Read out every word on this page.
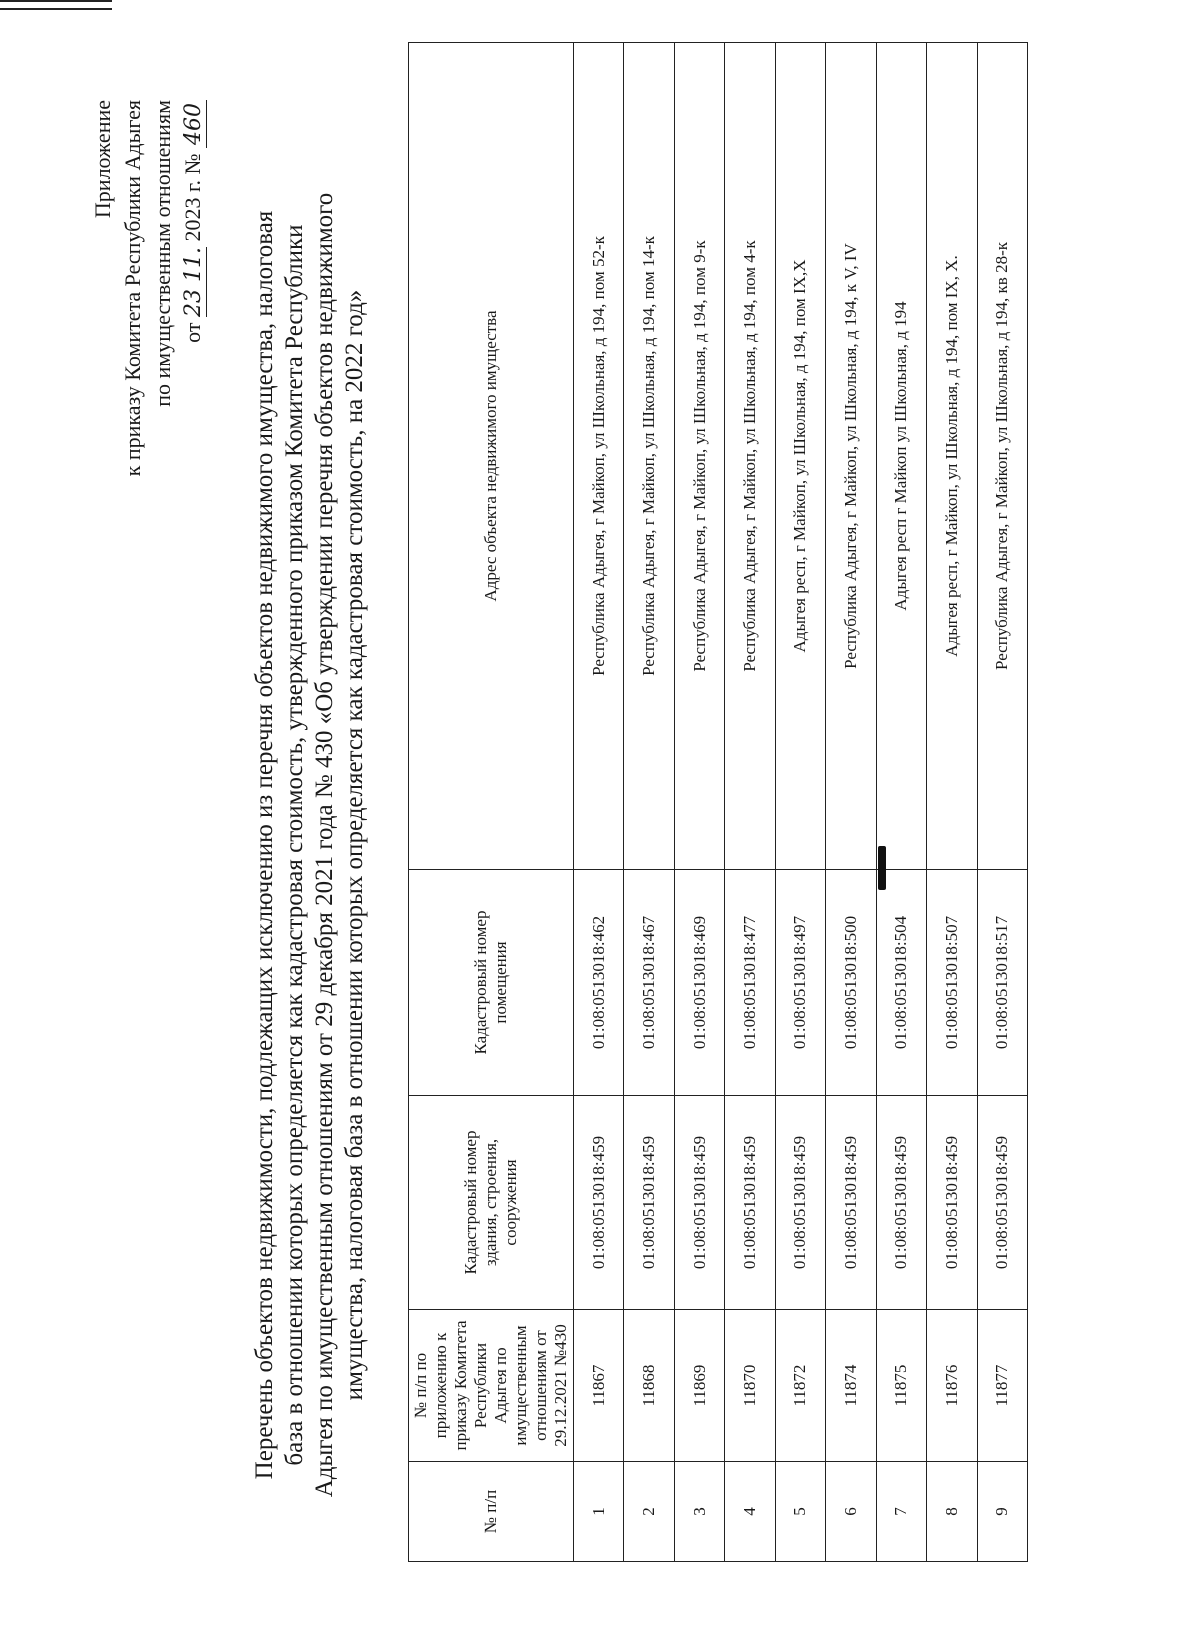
Приложение к приказу Комитета Республики Адыгея по имущественным отношениям от 23 11. 2023 г. № 460
Перечень объектов недвижимости, подлежащих исключению из перечня объектов недвижимого имущества, налоговая база в отношении которых определяется как кадастровая стоимость, утвержденного приказом Комитета Республики Адыгея по имущественным отношениям от 29 декабря 2021 года № 430 «Об утверждении перечня объектов недвижимого имущества, налоговая база в отношении которых определяется как кадастровая стоимость, на 2022 год»
№ п/п	№ п/п по приложению к приказу Комитета Республики Адыгея по имущественным отношениям от 29.12.2021 №430	Кадастровый номер здания, строения, сооружения	Кадастровый номер помещения	Адрес объекта недвижимого имущества
1	11867	01:08:0513018:459	01:08:0513018:462	Республика Адыгея, г Майкоп, ул Школьная, д 194, пом 52-к
2	11868	01:08:0513018:459	01:08:0513018:467	Республика Адыгея, г Майкоп, ул Школьная, д 194, пом 14-к
3	11869	01:08:0513018:459	01:08:0513018:469	Республика Адыгея, г Майкоп, ул Школьная, д 194, пом 9-к
4	11870	01:08:0513018:459	01:08:0513018:477	Республика Адыгея, г Майкоп, ул Школьная, д 194, пом 4-к
5	11872	01:08:0513018:459	01:08:0513018:497	Адыгея респ, г Майкоп, ул Школьная, д 194, пом IX,X
6	11874	01:08:0513018:459	01:08:0513018:500	Республика Адыгея, г Майкоп, ул Школьная, д 194, к V, IV
7	11875	01:08:0513018:459	01:08:0513018:504	Адыгея респ г Майкоп ул Школьная, д 194
8	11876	01:08:0513018:459	01:08:0513018:507	Адыгея респ, г Майкоп, ул Школьная, д 194, пом IX, X.
9	11877	01:08:0513018:459	01:08:0513018:517	Республика Адыгея, г Майкоп, ул Школьная, д 194, кв 28-к
